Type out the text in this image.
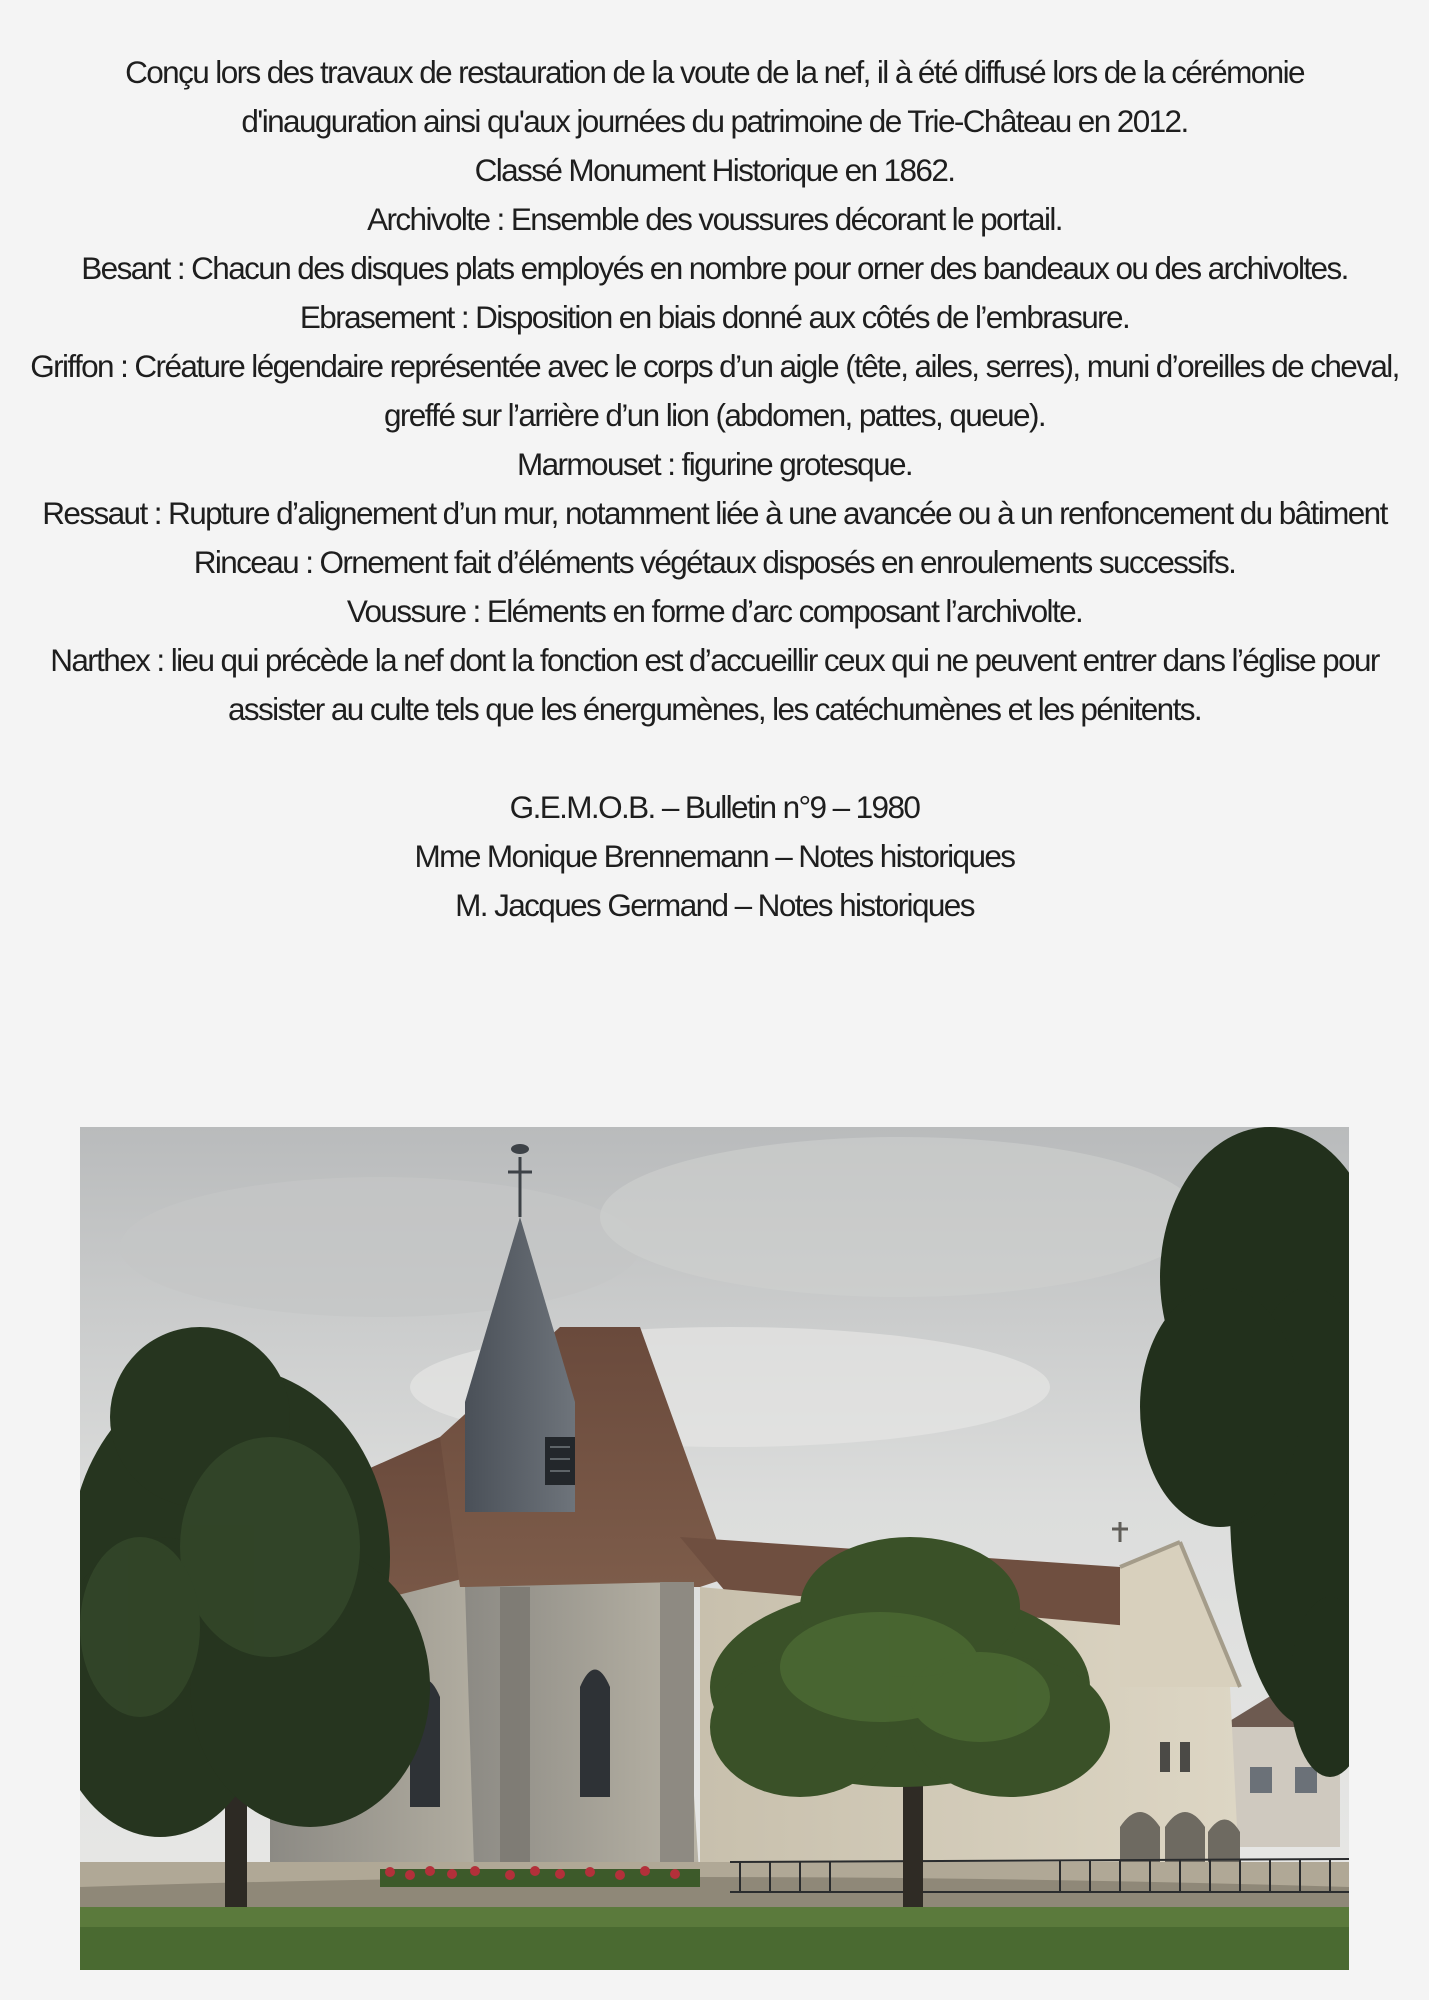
Conçu lors des travaux de restauration de la voute de la nef, il à été diffusé lors de la cérémonie

d'inauguration ainsi qu'aux journées du patrimoine de Trie-Château en 2012.

Classé Monument Historique en 1862.

Archivolte : Ensemble des voussures décorant le portail.

Besant : Chacun des disques plats employés en nombre pour orner des bandeaux ou des archivoltes.

Ebrasement : Disposition en biais donné aux côtés de l’embrasure.

Griffon : Créature légendaire représentée avec le corps d’un aigle (tête, ailes, serres), muni d’oreilles de cheval,

greffé sur l’arrière d’un lion (abdomen, pattes, queue).

Marmouset : figurine grotesque.

Ressaut : Rupture d’alignement d’un mur, notamment liée à une avancée ou à un renfoncement du bâtiment

Rinceau : Ornement fait d’éléments végétaux disposés en enroulements successifs.

Voussure : Eléments en forme d’arc composant l’archivolte.

Narthex : lieu qui précède la nef dont la fonction est d’accueillir ceux qui ne peuvent entrer dans l’église pour

assister au culte tels que les énergumènes, les catéchumènes et les pénitents.

G.E.M.O.B. – Bulletin n°9 – 1980

Mme Monique Brennemann – Notes historiques

M. Jacques Germand – Notes historiques
